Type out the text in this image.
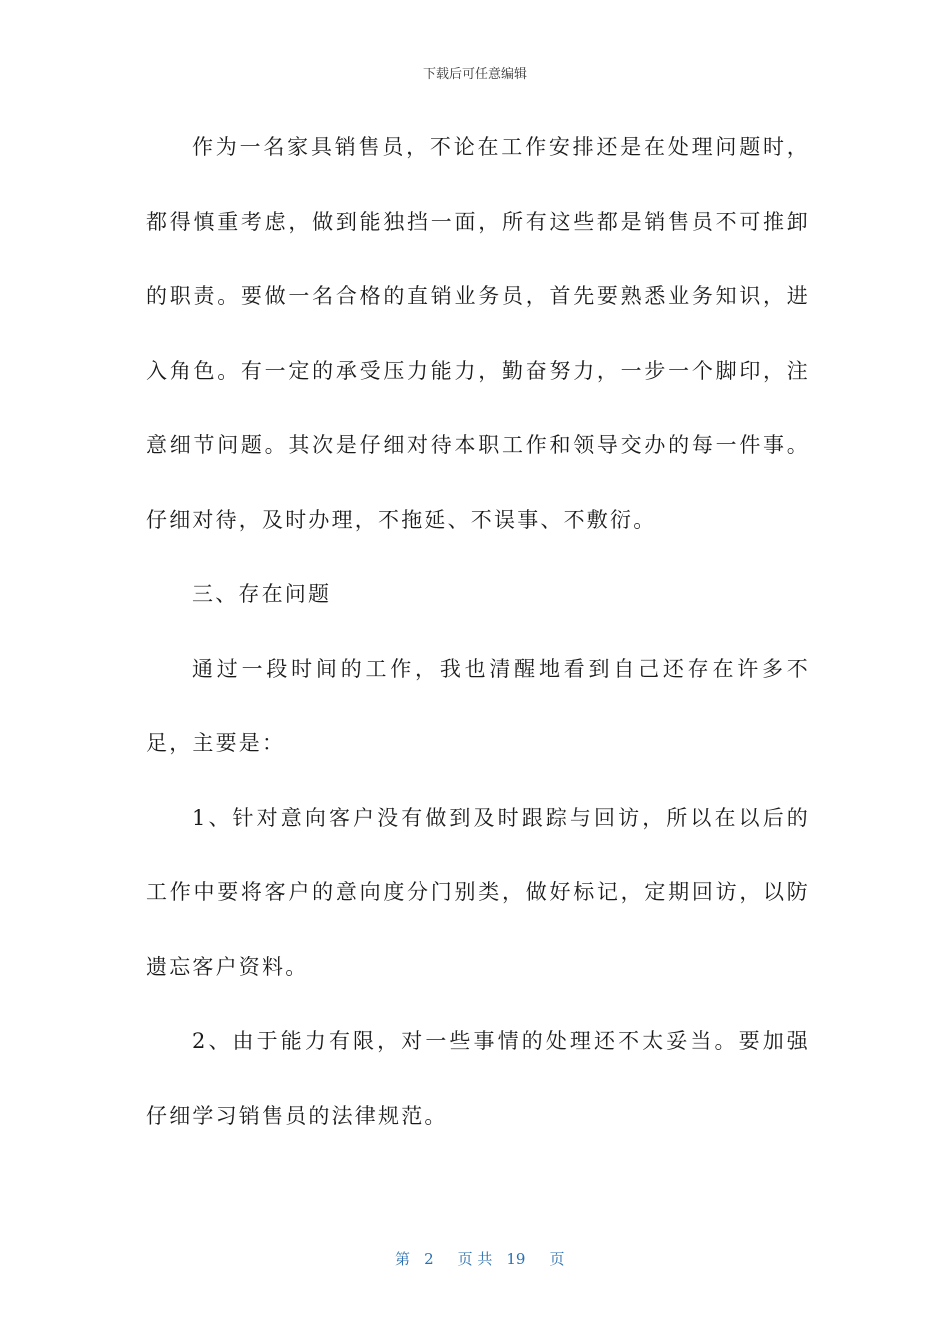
下载后可任意编辑

作为一名家具销售员，不论在工作安排还是在处理问题时，都得慎重考虑，做到能独挡一面，所有这些都是销售员不可推卸的职责。要做一名合格的直销业务员，首先要熟悉业务知识，进入角色。有一定的承受压力能力，勤奋努力，一步一个脚印，注意细节问题。其次是仔细对待本职工作和领导交办的每一件事。仔细对待，及时办理，不拖延、不误事、不敷衍。

三、存在问题

通过一段时间的工作，我也清醒地看到自己还存在许多不足，主要是：

1、针对意向客户没有做到及时跟踪与回访，所以在以后的工作中要将客户的意向度分门别类，做好标记，定期回访，以防遗忘客户资料。

2、由于能力有限，对一些事情的处理还不太妥当。要加强仔细学习销售员的法律规范。

第 2 页 共 19 页
